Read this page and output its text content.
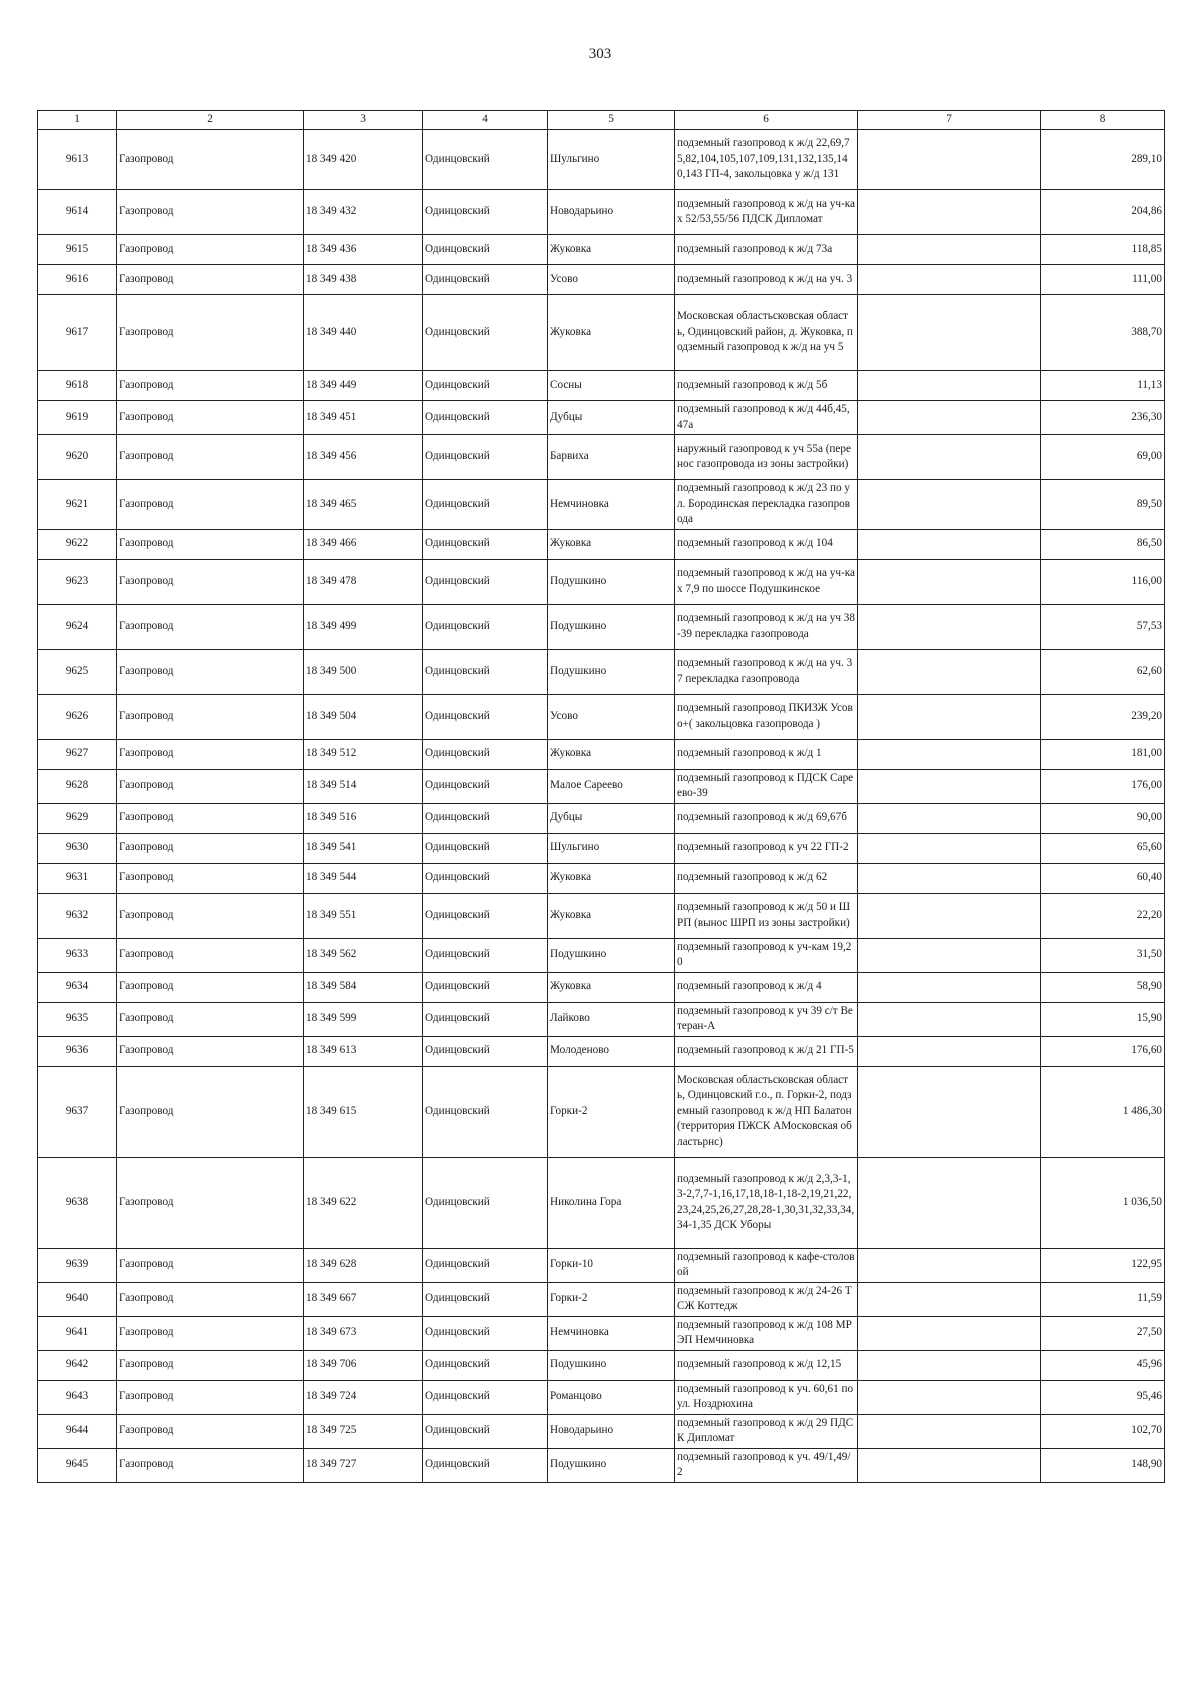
303
1	2	3	4	5	6	7	8
9613	Газопровод	18 349 420	Одинцовский	Шульгино	подземный газопровод к ж/д 22,69,75,82,104,105,107,109,131,132,135,140,143 ГП-4, закольцовка у ж/д 131		289,10
9614	Газопровод	18 349 432	Одинцовский	Новодарьино	подземный газопровод к ж/д на уч-ках 52/53,55/56 ПДСК Дипломат		204,86
9615	Газопровод	18 349 436	Одинцовский	Жуковка	подземный газопровод к ж/д 73а		118,85
9616	Газопровод	18 349 438	Одинцовский	Усово	подземный газопровод к ж/д на уч. 3		111,00
9617	Газопровод	18 349 440	Одинцовский	Жуковка	Московская областьсковская область, Одинцовский район, д. Жуковка, подземный газопровод к ж/д на уч 5		388,70
9618	Газопровод	18 349 449	Одинцовский	Сосны	подземный газопровод к ж/д 5б		11,13
9619	Газопровод	18 349 451	Одинцовский	Дубцы	подземный газопровод к ж/д 44б,45,47а		236,30
9620	Газопровод	18 349 456	Одинцовский	Барвиха	наружный газопровод к уч 55а (перенос газопровода из зоны застройки)		69,00
9621	Газопровод	18 349 465	Одинцовский	Немчиновка	подземный газопровод к ж/д 23 по ул. Бородинская перекладка газопровода		89,50
9622	Газопровод	18 349 466	Одинцовский	Жуковка	подземный газопровод к ж/д 104		86,50
9623	Газопровод	18 349 478	Одинцовский	Подушкино	подземный газопровод к ж/д на уч-ках 7,9 по шоссе Подушкинское		116,00
9624	Газопровод	18 349 499	Одинцовский	Подушкино	подземный газопровод к ж/д на уч 38-39 перекладка газопровода		57,53
9625	Газопровод	18 349 500	Одинцовский	Подушкино	подземный газопровод к ж/д на уч. 37 перекладка газопровода		62,60
9626	Газопровод	18 349 504	Одинцовский	Усово	подземный газопровод ПКИЗЖ Усово+( закольцовка газопровода )		239,20
9627	Газопровод	18 349 512	Одинцовский	Жуковка	подземный газопровод к ж/д 1		181,00
9628	Газопровод	18 349 514	Одинцовский	Малое Сареево	подземный газопровод к ПДСК Сареево-39		176,00
9629	Газопровод	18 349 516	Одинцовский	Дубцы	подземный газопровод к ж/д 69,67б		90,00
9630	Газопровод	18 349 541	Одинцовский	Шульгино	подземный газопровод к уч 22 ГП-2		65,60
9631	Газопровод	18 349 544	Одинцовский	Жуковка	подземный газопровод к ж/д 62		60,40
9632	Газопровод	18 349 551	Одинцовский	Жуковка	подземный газопровод к ж/д 50 и ШРП (вынос ШРП из зоны застройки)		22,20
9633	Газопровод	18 349 562	Одинцовский	Подушкино	подземный газопровод к уч-кам 19,20		31,50
9634	Газопровод	18 349 584	Одинцовский	Жуковка	подземный газопровод к ж/д 4		58,90
9635	Газопровод	18 349 599	Одинцовский	Лайково	подземный газопровод к уч 39 с/т Ветеран-А		15,90
9636	Газопровод	18 349 613	Одинцовский	Молоденово	подземный газопровод к ж/д 21 ГП-5		176,60
9637	Газопровод	18 349 615	Одинцовский	Горки-2	Московская областьсковская область, Одинцовский г.о., п. Горки-2, подземный газопровод к ж/д НП Балатон (территория ПЖСК АМосковская областьрнс)		1 486,30
9638	Газопровод	18 349 622	Одинцовский	Николина Гора	подземный газопровод к ж/д 2,3,3-1,3-2,7,7-1,16,17,18,18-1,18-2,19,21,22,23,24,25,26,27,28,28-1,30,31,32,33,34,34-1,35 ДСК Уборы		1 036,50
9639	Газопровод	18 349 628	Одинцовский	Горки-10	подземный газопровод к кафе-столовой		122,95
9640	Газопровод	18 349 667	Одинцовский	Горки-2	подземный газопровод к ж/д 24-26 ТСЖ Коттедж		11,59
9641	Газопровод	18 349 673	Одинцовский	Немчиновка	подземный газопровод к ж/д 108 МРЭП Немчиновка		27,50
9642	Газопровод	18 349 706	Одинцовский	Подушкино	подземный газопровод к ж/д 12,15		45,96
9643	Газопровод	18 349 724	Одинцовский	Романцово	подземный газопровод к уч. 60,61 по ул. Ноздрюхина		95,46
9644	Газопровод	18 349 725	Одинцовский	Новодарьино	подземный газопровод к ж/д 29 ПДСК Дипломат		102,70
9645	Газопровод	18 349 727	Одинцовский	Подушкино	подземный газопровод к уч. 49/1,49/2		148,90
